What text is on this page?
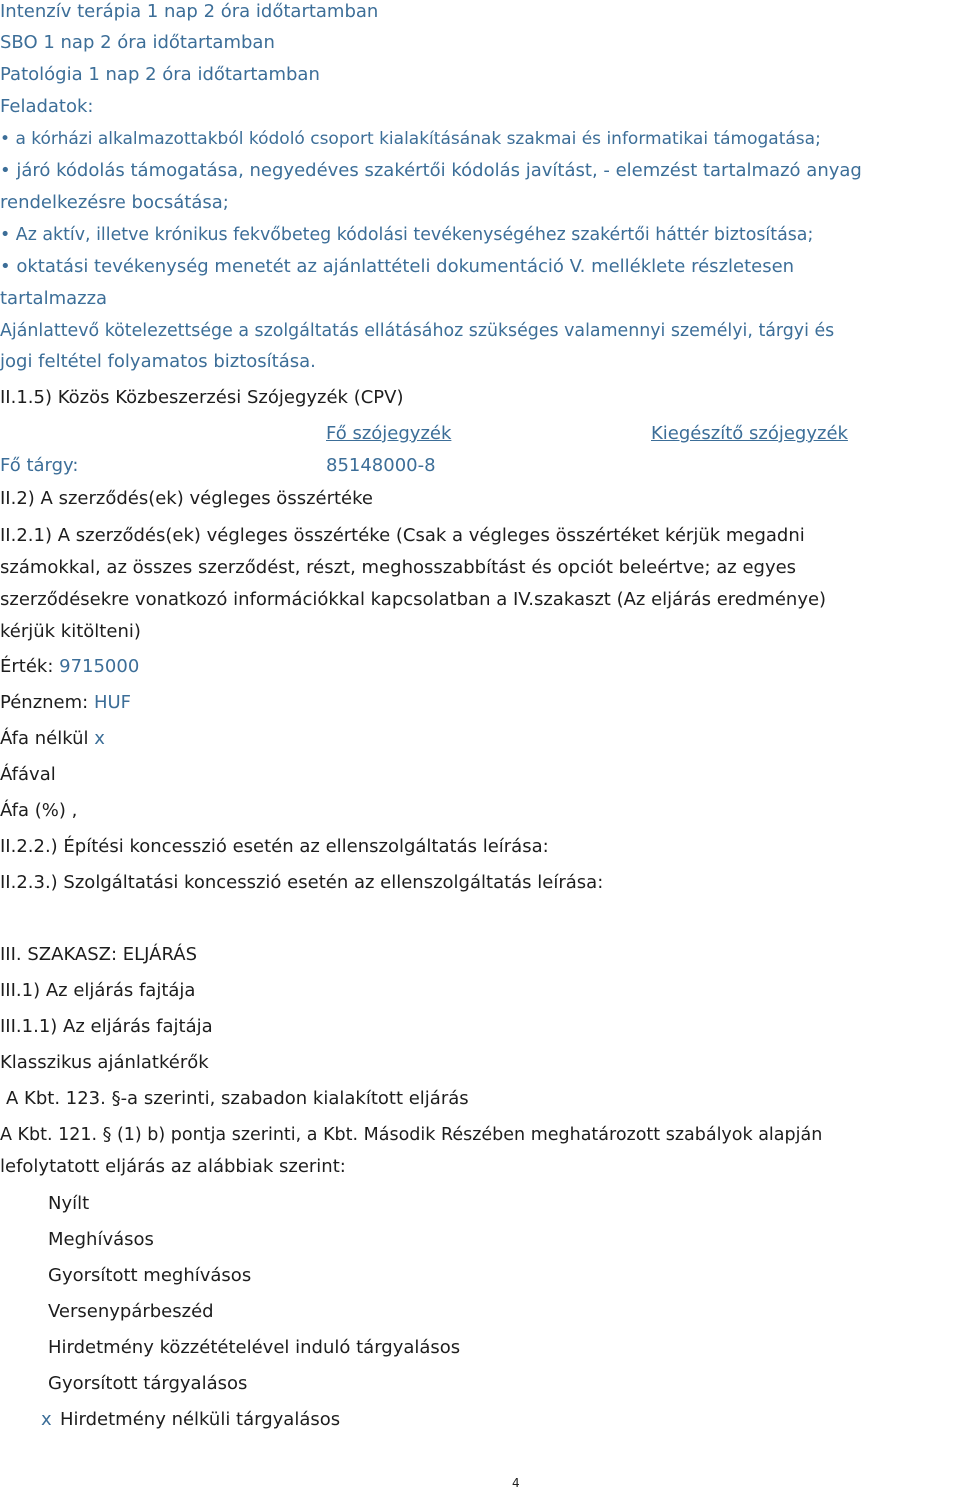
Intenzív terápia 1 nap 2 óra időtartamban
SBO 1 nap 2 óra időtartamban
Patológia 1 nap 2 óra időtartamban
Feladatok:
• a kórházi alkalmazottakból kódoló csoport kialakításának szakmai és informatikai támogatása;
• járó kódolás támogatása, negyedéves szakértői kódolás javítást, - elemzést tartalmazó anyag
rendelkezésre bocsátása;
• Az aktív, illetve krónikus fekvőbeteg kódolási tevékenységéhez szakértői háttér biztosítása;
• oktatási tevékenység menetét az ajánlattételi dokumentáció V. melléklete részletesen
tartalmazza
Ajánlattevő kötelezettsége a szolgáltatás ellátásához szükséges valamennyi személyi, tárgyi és
jogi feltétel folyamatos biztosítása.
II.1.5) Közös Közbeszerzési Szójegyzék (CPV)
Fő szójegyzék	Kiegészítő szójegyzék
Fő tárgy:	85148000-8
II.2) A szerződés(ek) végleges összértéke
II.2.1) A szerződés(ek) végleges összértéke (Csak a végleges összértéket kérjük megadni
számokkal, az összes szerződést, részt, meghosszabbítást és opciót beleértve; az egyes
szerződésekre vonatkozó információkkal kapcsolatban a IV.szakaszt (Az eljárás eredménye)
kérjük kitölteni)
Érték: 9715000
Pénznem: HUF
Áfa nélkül x
Áfával
Áfa (%) ,
II.2.2.) Építési koncesszió esetén az ellenszolgáltatás leírása:
II.2.3.) Szolgáltatási koncesszió esetén az ellenszolgáltatás leírása:
III. SZAKASZ: ELJÁRÁS
III.1) Az eljárás fajtája
III.1.1) Az eljárás fajtája
Klasszikus ajánlatkérők
A Kbt. 123. §-a szerinti, szabadon kialakított eljárás
A Kbt. 121. § (1) b) pontja szerinti, a Kbt. Második Részében meghatározott szabályok alapján
lefolytatott eljárás az alábbiak szerint:
Nyílt
Meghívásos
Gyorsított meghívásos
Versenypárbeszéd
Hirdetmény közzétételével induló tárgyalásos
Gyorsított tárgyalásos
x Hirdetmény nélküli tárgyalásos
4
